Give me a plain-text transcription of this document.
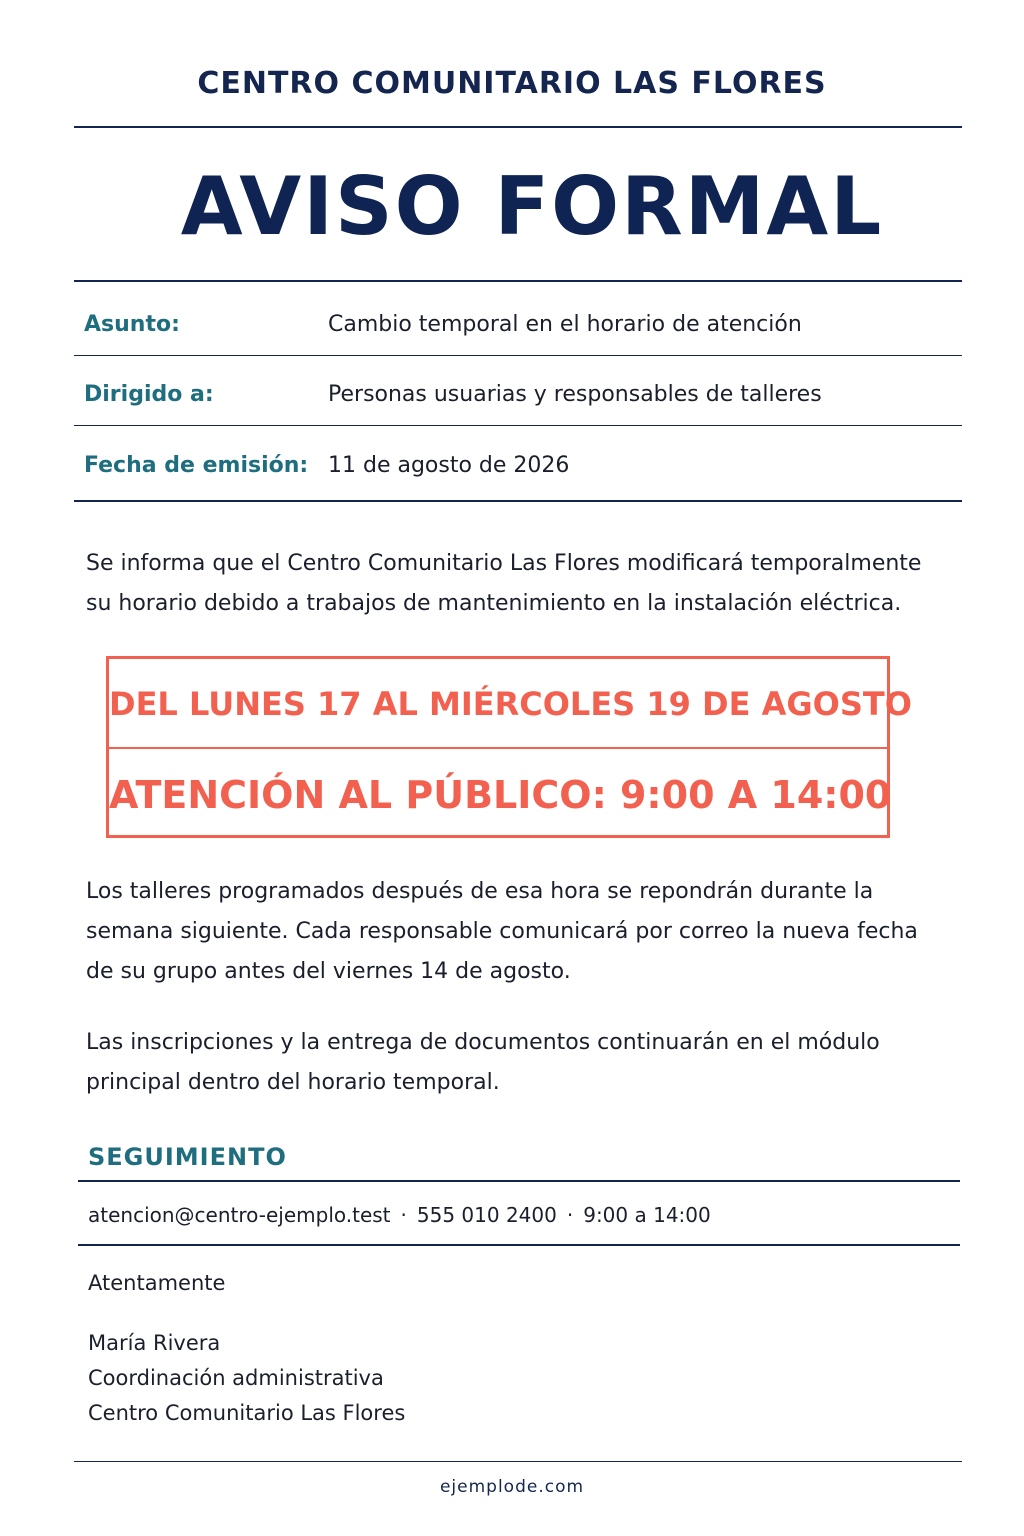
CENTRO COMUNITARIO LAS FLORES
AVISO FORMAL
Asunto:	Cambio temporal en el horario de atención
Dirigido a:	Personas usuarias y responsables de talleres
Fecha de emisión: 11 de agosto de 2026
Se informa que el Centro Comunitario Las Flores modificará temporalmente
su horario debido a trabajos de mantenimiento en la instalación eléctrica.
DEL LUNES 17 AL MIÉRCOLES 19 DE AGOSTO
ATENCIÓN AL PÚBLICO: 9:00 A 14:00
Los talleres programados después de esa hora se repondrán durante la
semana siguiente. Cada responsable comunicará por correo la nueva fecha
de su grupo antes del viernes 14 de agosto.
Las inscripciones y la entrega de documentos continuarán en el módulo
principal dentro del horario temporal.
SEGUIMIENTO
atencion@centro-ejemplo.test · 555 010 2400 · 9:00 a 14:00
Atentamente
María Rivera
Coordinación administrativa
Centro Comunitario Las Flores
ejemplode.com
